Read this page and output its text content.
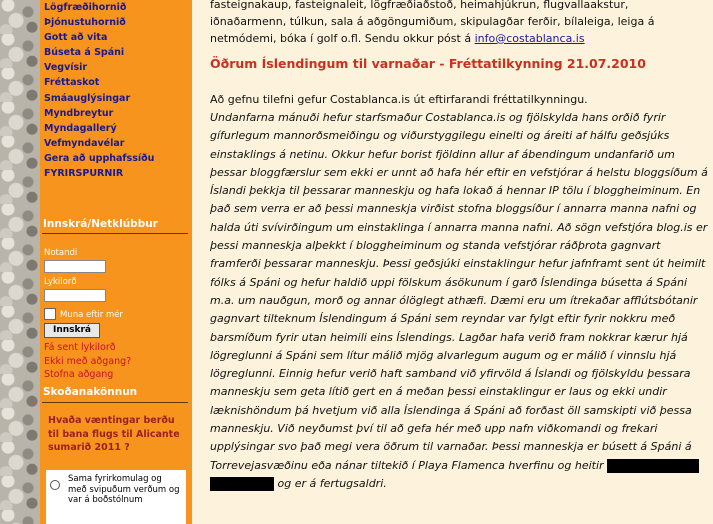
Lögfræðihornið
Þjónustuhornið
Gott að vita
Búseta á Spáni
Vegvísir
Fréttaskot
Smáauglýsingar
Myndbreytur
Myndagallerý
Vefmyndavélar
Gera að upphafssíðu
FYRIRSPURNIR
Innskrá/Netklúbbur
Notandi
Lykilorð
Muna eftir mér
Innskrá
Fá sent lykilorð
Ekki með aðgang?
Stofna aðgang
Skoðanakönnun
Hvaða væntingar berðu til bana flugs til Alicante sumarið 2011 ?
Sama fyrirkomulag og með svipuðum verðum og var á boðstólnum
fasteignakaup, fasteignaleit, lögfræðiaðstoð, heimahjúkrun, flugvallaakstur,
iðnaðarmenn, túlkun, sala á aðgöngumiðum, skipulagðar ferðir, bílaleiga, leiga á
netmódemi, bóka í golf o.fl. Sendu okkur póst á info@costablanca.is
Öðrum Íslendingum til varnaðar - Fréttatilkynning 21.07.2010
Að gefnu tilefni gefur Costablanca.is út eftirfarandi fréttatilkynningu.
Undanfarna mánuði hefur starfsmaður Costablanca.is og fjölskylda hans orðið fyrir gífurlegum mannorðsmeiðingu og viðurstyggilegu einelti og áreiti af hálfu geðsjúks einstaklings á netinu. Okkur hefur borist fjöldinn allur af ábendingum undanfarið um þessar bloggfærslur sem ekki er unnt að hafa hér eftir en vefstjórar á helstu bloggsíðum á Íslandi þekkja til þessarar manneskju og hafa lokað á hennar IP tölu í bloggheiminum. En það sem verra er að þessi manneskja virðist stofna bloggsíður í annarra manna nafni og halda úti svívirðingum um einstaklinga í annarra manna nafni. Að sögn vefstjóra blog.is er þessi manneskja alþekkt í bloggheiminum og standa vefstjórar ráðþrota gagnvart framferði þessarar manneskju. Þessi geðsjúki einstaklingur hefur jafnframt sent út heimilt fólks á Spáni og hefur haldið uppi fölskum ásökunum í garð Íslendinga búsetta á Spáni m.a. um nauðgun, morð og annar ólöglegt athæfi. Dæmi eru um ítrekaðar afflútsbótanir gagnvart tilteknum Íslendingum á Spáni sem reyndar var fylgt eftir fyrir nokkru með barsmíðum fyrir utan heimili eins Íslendings. Lagðar hafa verið fram nokkrar kærur hjá lögreglunni á Spáni sem lítur málið mjög alvarlegum augum og er málið í vinnslu hjá lögreglunni. Einnig hefur verið haft samband við yfirvöld á Íslandi og fjölskyldu þessara manneskju sem geta lítið gert en á meðan þessi einstaklingur er laus og ekki undir læknishöndum þá hvetjum við alla Íslendinga á Spáni að forðast öll samskipti við þessa manneskju. Við neyðumst því til að gefa hér með upp nafn viðkomandi og frekari upplýsingar svo það megi vera öðrum til varnaðar. Þessi manneskja er búsett á Spáni á Torrevejasvæðinu eða nánar tiltekið í Playa Flamenca hverfinu og heitir   og er á fertugsaldri.
